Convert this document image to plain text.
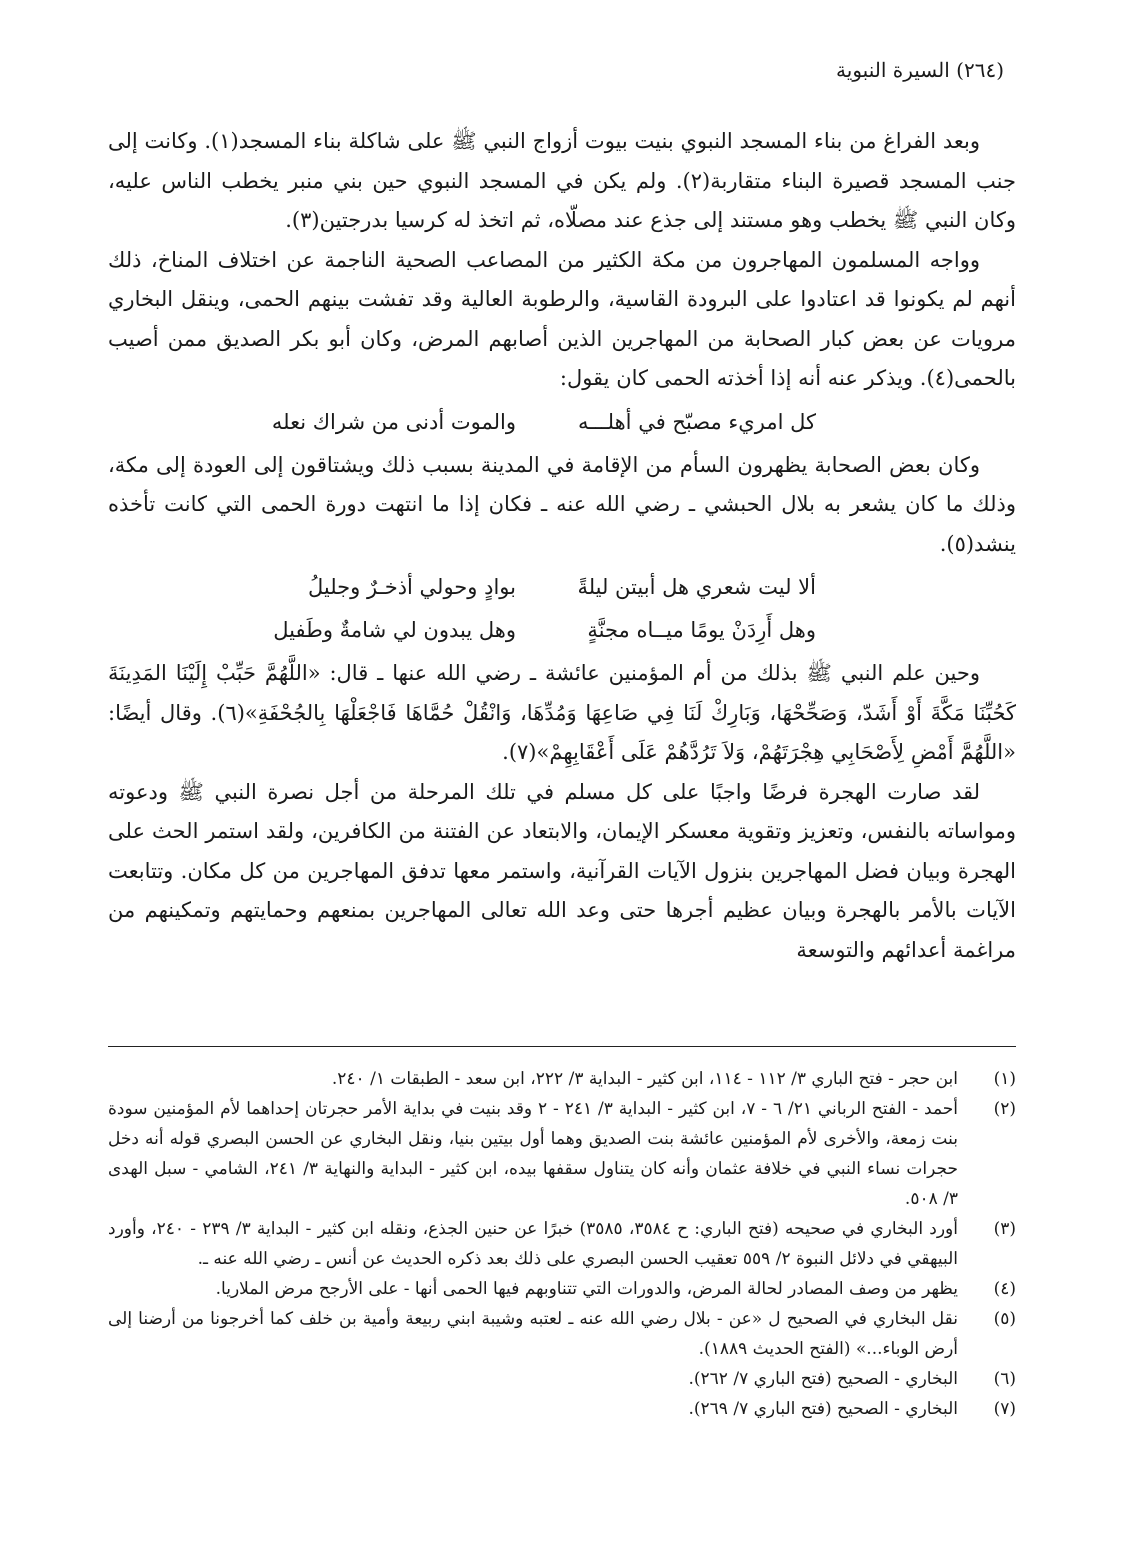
(٢٦٤) السيرة النبوية

وبعد الفراغ من بناء المسجد النبوي بنيت بيوت أزواج النبي ﷺ على شاكلة بناء المسجد(١). وكانت إلى جنب المسجد قصيرة البناء متقاربة(٢). ولم يكن في المسجد النبوي حين بني منبر يخطب الناس عليه، وكان النبي ﷺ يخطب وهو مستند إلى جذع عند مصلّاه، ثم اتخذ له كرسيا بدرجتين(٣).

وواجه المسلمون المهاجرون من مكة الكثير من المصاعب الصحية الناجمة عن اختلاف المناخ، ذلك أنهم لم يكونوا قد اعتادوا على البرودة القاسية، والرطوبة العالية وقد تفشت بينهم الحمى، وينقل البخاري مرويات عن بعض كبار الصحابة من المهاجرين الذين أصابهم المرض، وكان أبو بكر الصديق ممن أصيب بالحمى(٤). ويذكر عنه أنه إذا أخذته الحمى كان يقول:

كل امريء مصبّح في أهلـــه
والموت أدنى من شراك نعله

وكان بعض الصحابة يظهرون السأم من الإقامة في المدينة بسبب ذلك ويشتاقون إلى العودة إلى مكة، وذلك ما كان يشعر به بلال الحبشي ـ رضي الله عنه ـ فكان إذا ما انتهت دورة الحمى التي كانت تأخذه ينشد(٥).

ألا ليت شعري هل أبيتن ليلةً
بوادٍ وحولي أذخـرٌ وجليلُ
وهل أَرِدَنْ يومًا ميــاه مجنَّةٍ
وهل يبدون لي شامةٌ وطَفيل

وحين علم النبي ﷺ بذلك من أم المؤمنين عائشة ـ رضي الله عنها ـ قال: «اللَّهُمَّ حَبِّبْ إِلَيْنَا المَدِينَةَ كَحُبِّنَا مَكَّةَ أَوْ أَشَدّ، وَصَحِّحْهَا، وَبَارِكْ لَنَا فِي صَاعِهَا وَمُدِّهَا، وَانْقُلْ حُمَّاهَا فَاجْعَلْهَا بِالجُحْفَةِ»(٦). وقال أيضًا: «اللَّهُمَّ أَمْضِ لِأَصْحَابِي هِجْرَتَهُمْ، وَلاَ تَرُدَّهُمْ عَلَى أَعْقَابِهِمْ»(٧).

لقد صارت الهجرة فرضًا واجبًا على كل مسلم في تلك المرحلة من أجل نصرة النبي ﷺ ودعوته ومواساته بالنفس، وتعزيز وتقوية معسكر الإيمان، والابتعاد عن الفتنة من الكافرين، ولقد استمر الحث على الهجرة وبيان فضل المهاجرين بنزول الآيات القرآنية، واستمر معها تدفق المهاجرين من كل مكان. وتتابعت الآيات بالأمر بالهجرة وبيان عظيم أجرها حتى وعد الله تعالى المهاجرين بمنعهم وحمايتهم وتمكينهم من مراغمة أعدائهم والتوسعة

(١)
ابن حجر - فتح الباري ٣/ ١١٢ - ١١٤، ابن كثير - البداية ٣/ ٢٢٢، ابن سعد - الطبقات ١/ ٢٤٠.
(٢)
أحمد - الفتح الرباني ٢١/ ٦ - ٧، ابن كثير - البداية ٣/ ٢٤١ - ٢ وقد بنيت في بداية الأمر حجرتان إحداهما لأم المؤمنين سودة بنت زمعة، والأخرى لأم المؤمنين عائشة بنت الصديق وهما أول بيتين بنيا، ونقل البخاري عن الحسن البصري قوله أنه دخل حجرات نساء النبي في خلافة عثمان وأنه كان يتناول سقفها بيده، ابن كثير - البداية والنهاية ٣/ ٢٤١، الشامي - سبل الهدى ٣/ ٥٠٨.
(٣)
أورد البخاري في صحيحه (فتح الباري: ح ٣٥٨٤، ٣٥٨٥) خبرًا عن حنين الجذع، ونقله ابن كثير - البداية ٣/ ٢٣٩ - ٢٤٠، وأورد البيهقي في دلائل النبوة ٢/ ٥٥٩ تعقيب الحسن البصري على ذلك بعد ذكره الحديث عن أنس ـ رضي الله عنه ـ.
(٤)
يظهر من وصف المصادر لحالة المرض، والدورات التي تتناوبهم فيها الحمى أنها - على الأرجح مرض الملاريا.
(٥)
نقل البخاري في الصحيح ل «عن - بلال رضي الله عنه ـ لعتبه وشيبة ابني ربيعة وأمية بن خلف كما أخرجونا من أرضنا إلى أرض الوباء...» (الفتح الحديث ١٨٨٩).
(٦)
البخاري - الصحيح (فتح الباري ٧/ ٢٦٢).
(٧)
البخاري - الصحيح (فتح الباري ٧/ ٢٦٩).
